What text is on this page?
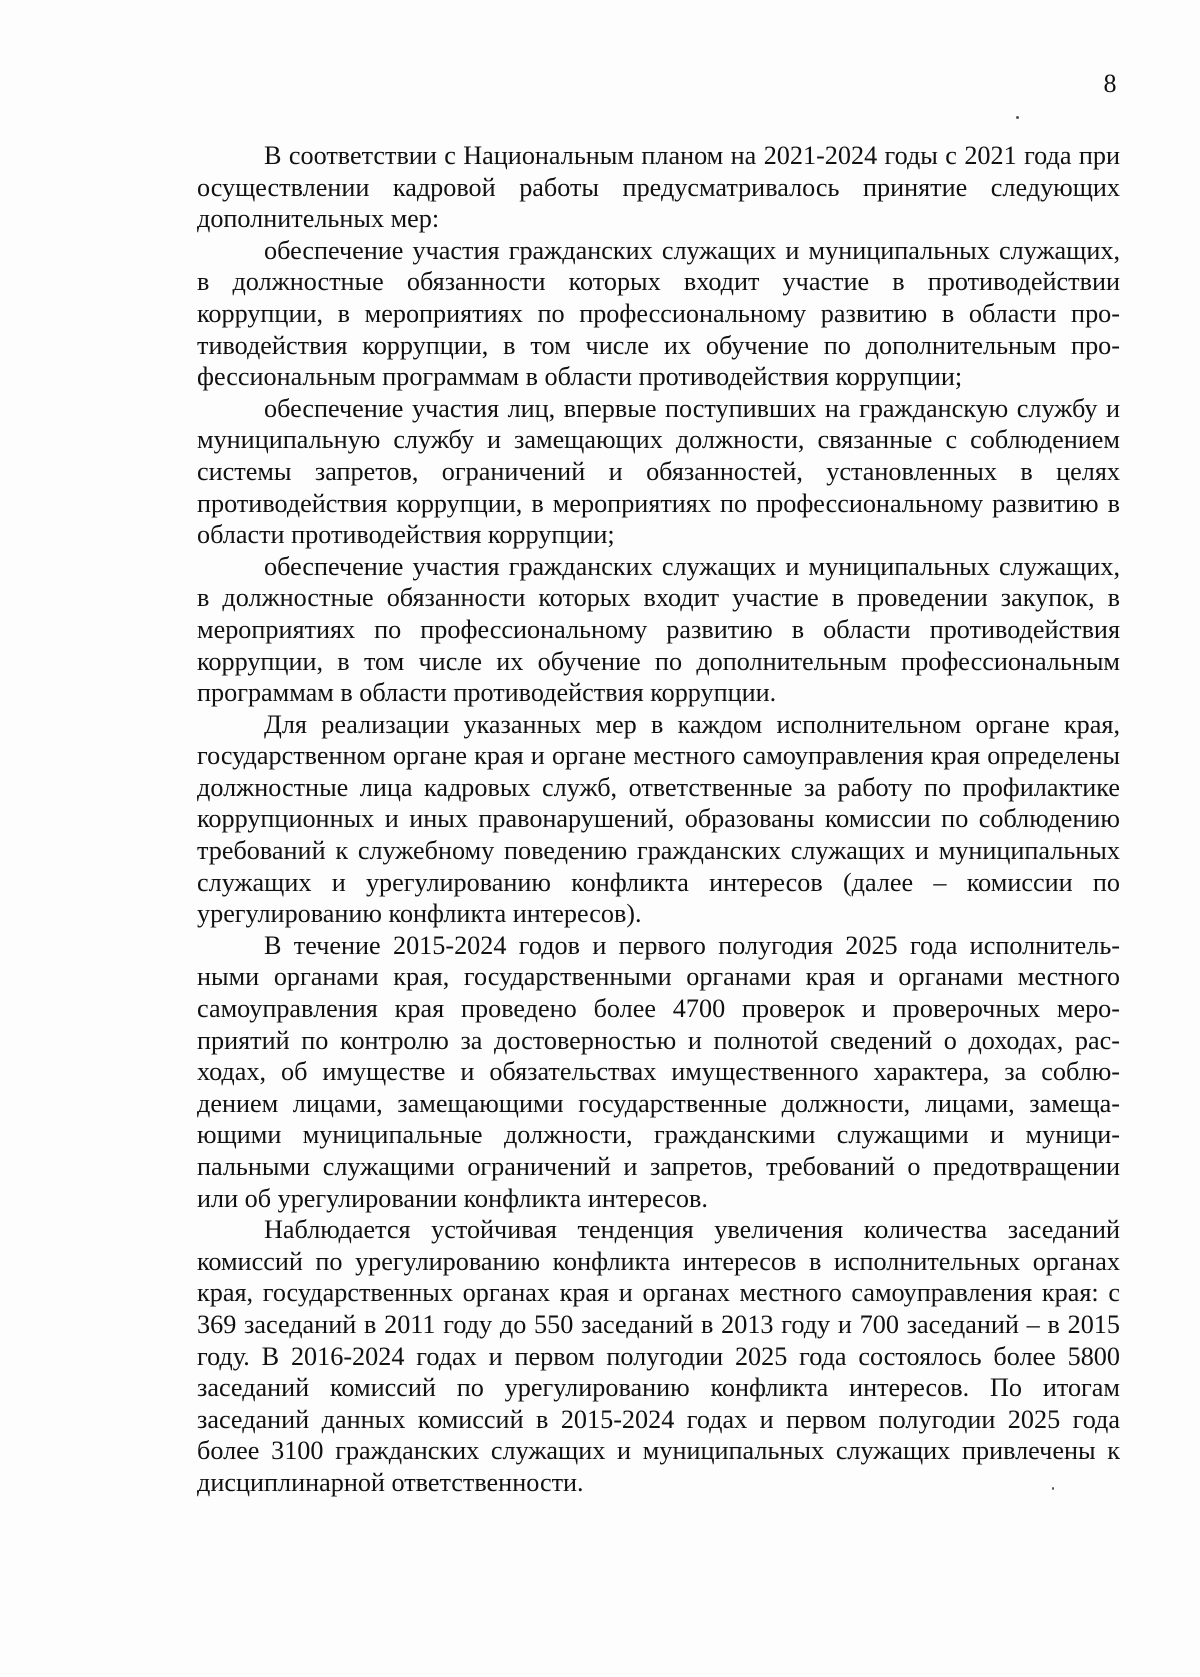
8

В соответствии с Национальным планом на 2021-2024 годы с 2021 года при осуществлении кадровой работы предусматривалось принятие следующих дополнительных мер:

обеспечение участия гражданских служащих и муниципальных служащих, в должностные обязанности которых входит участие в противодействии коррупции, в мероприятиях по профессиональному развитию в области противодействия коррупции, в том числе их обучение по дополнительным профессиональным программам в области противодействия коррупции;

обеспечение участия лиц, впервые поступивших на гражданскую службу и муниципальную службу и замещающих должности, связанные с соблюдением системы запретов, ограничений и обязанностей, установленных в целях противодействия коррупции, в мероприятиях по профессиональному развитию в области противодействия коррупции;

обеспечение участия гражданских служащих и муниципальных служащих, в должностные обязанности которых входит участие в проведении закупок, в мероприятиях по профессиональному развитию в области противодействия коррупции, в том числе их обучение по дополнительным профессиональным программам в области противодействия коррупции.

Для реализации указанных мер в каждом исполнительном органе края, государственном органе края и органе местного самоуправления края определены должностные лица кадровых служб, ответственные за работу по профилактике коррупционных и иных правонарушений, образованы комиссии по соблюдению требований к служебному поведению гражданских служащих и муниципальных служащих и урегулированию конфликта интересов (далее – комиссии по урегулированию конфликта интересов).

В течение 2015-2024 годов и первого полугодия 2025 года исполнительными органами края, государственными органами края и органами местного самоуправления края проведено более 4700 проверок и проверочных мероприятий по контролю за достоверностью и полнотой сведений о доходах, расходах, об имуществе и обязательствах имущественного характера, за соблюдением лицами, замещающими государственные должности, лицами, замещающими муниципальные должности, гражданскими служащими и муниципальными служащими ограничений и запретов, требований о предотвращении или об урегулировании конфликта интересов.

Наблюдается устойчивая тенденция увеличения количества заседаний комиссий по урегулированию конфликта интересов в исполнительных органах края, государственных органах края и органах местного самоуправления края: с 369 заседаний в 2011 году до 550 заседаний в 2013 году и 700 заседаний – в 2015 году. В 2016-2024 годах и первом полугодии 2025 года состоялось более 5800 заседаний комиссий по урегулированию конфликта интересов. По итогам заседаний данных комиссий в 2015-2024 годах и первом полугодии 2025 года более 3100 гражданских служащих и муниципальных служащих привлечены к дисциплинарной ответственности.
